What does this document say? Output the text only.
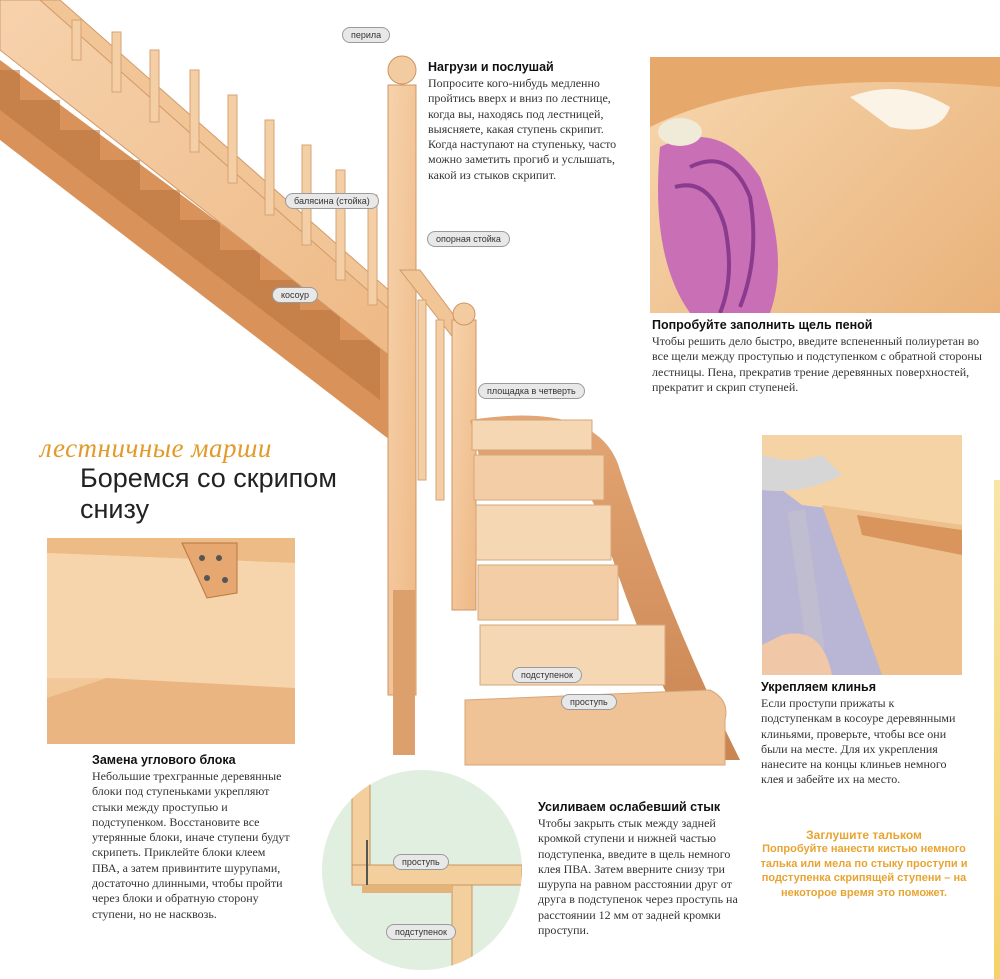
перила
балясина (стойка)
опорная стойка
косоур
площадка в четверть
подступенок
проступь
лестничные марши
Боремся со скрипом
снизу
Нагрузи и послушай

Попросите кого-нибудь медленно пройтись вверх и вниз по лестнице, когда вы, находясь под лестницей, выясняете, какая ступень скрипит. Когда наступают на ступеньку, часто можно заметить прогиб и услышать, какой из стыков скрипит.

Попробуйте заполнить щель пеной

Чтобы решить дело быстро, введите вспененный полиуретан во все щели между проступью и подступенком с обратной стороны лестницы. Пена, прекратив трение деревянных поверхностей, прекратит и скрип ступеней.

Укрепляем клинья

Если проступи прижаты к подступенкам в косоуре деревянными клиньями, проверьте, чтобы все они были на месте. Для их укрепления нанесите на концы клиньев немного клея и забейте их на место.

Замена углового блока

Небольшие трехгранные деревянные блоки под ступеньками укрепляют стыки между проступью и подступенком. Восстановите все утерянные блоки, иначе ступени будут скрипеть. Приклейте блоки клеем ПВА, а затем привинтите шурупами, достаточно длинными, чтобы пройти через блоки и обратную сторону ступени, но не насквозь.

проступь
подступенок
Усиливаем ослабевший стык

Чтобы закрыть стык между задней кромкой ступени и нижней частью подступенка, введите в щель немного клея ПВА. Затем вверните снизу три шурупа на равном расстоянии друг от друга в подступенок через проступь на расстоянии 12 мм от задней кромки проступи.

Заглушите тальком

Попробуйте нанести кистью немного талька или мела по стыку проступи и подступенка скрипящей ступени – на некоторое время это поможет.
